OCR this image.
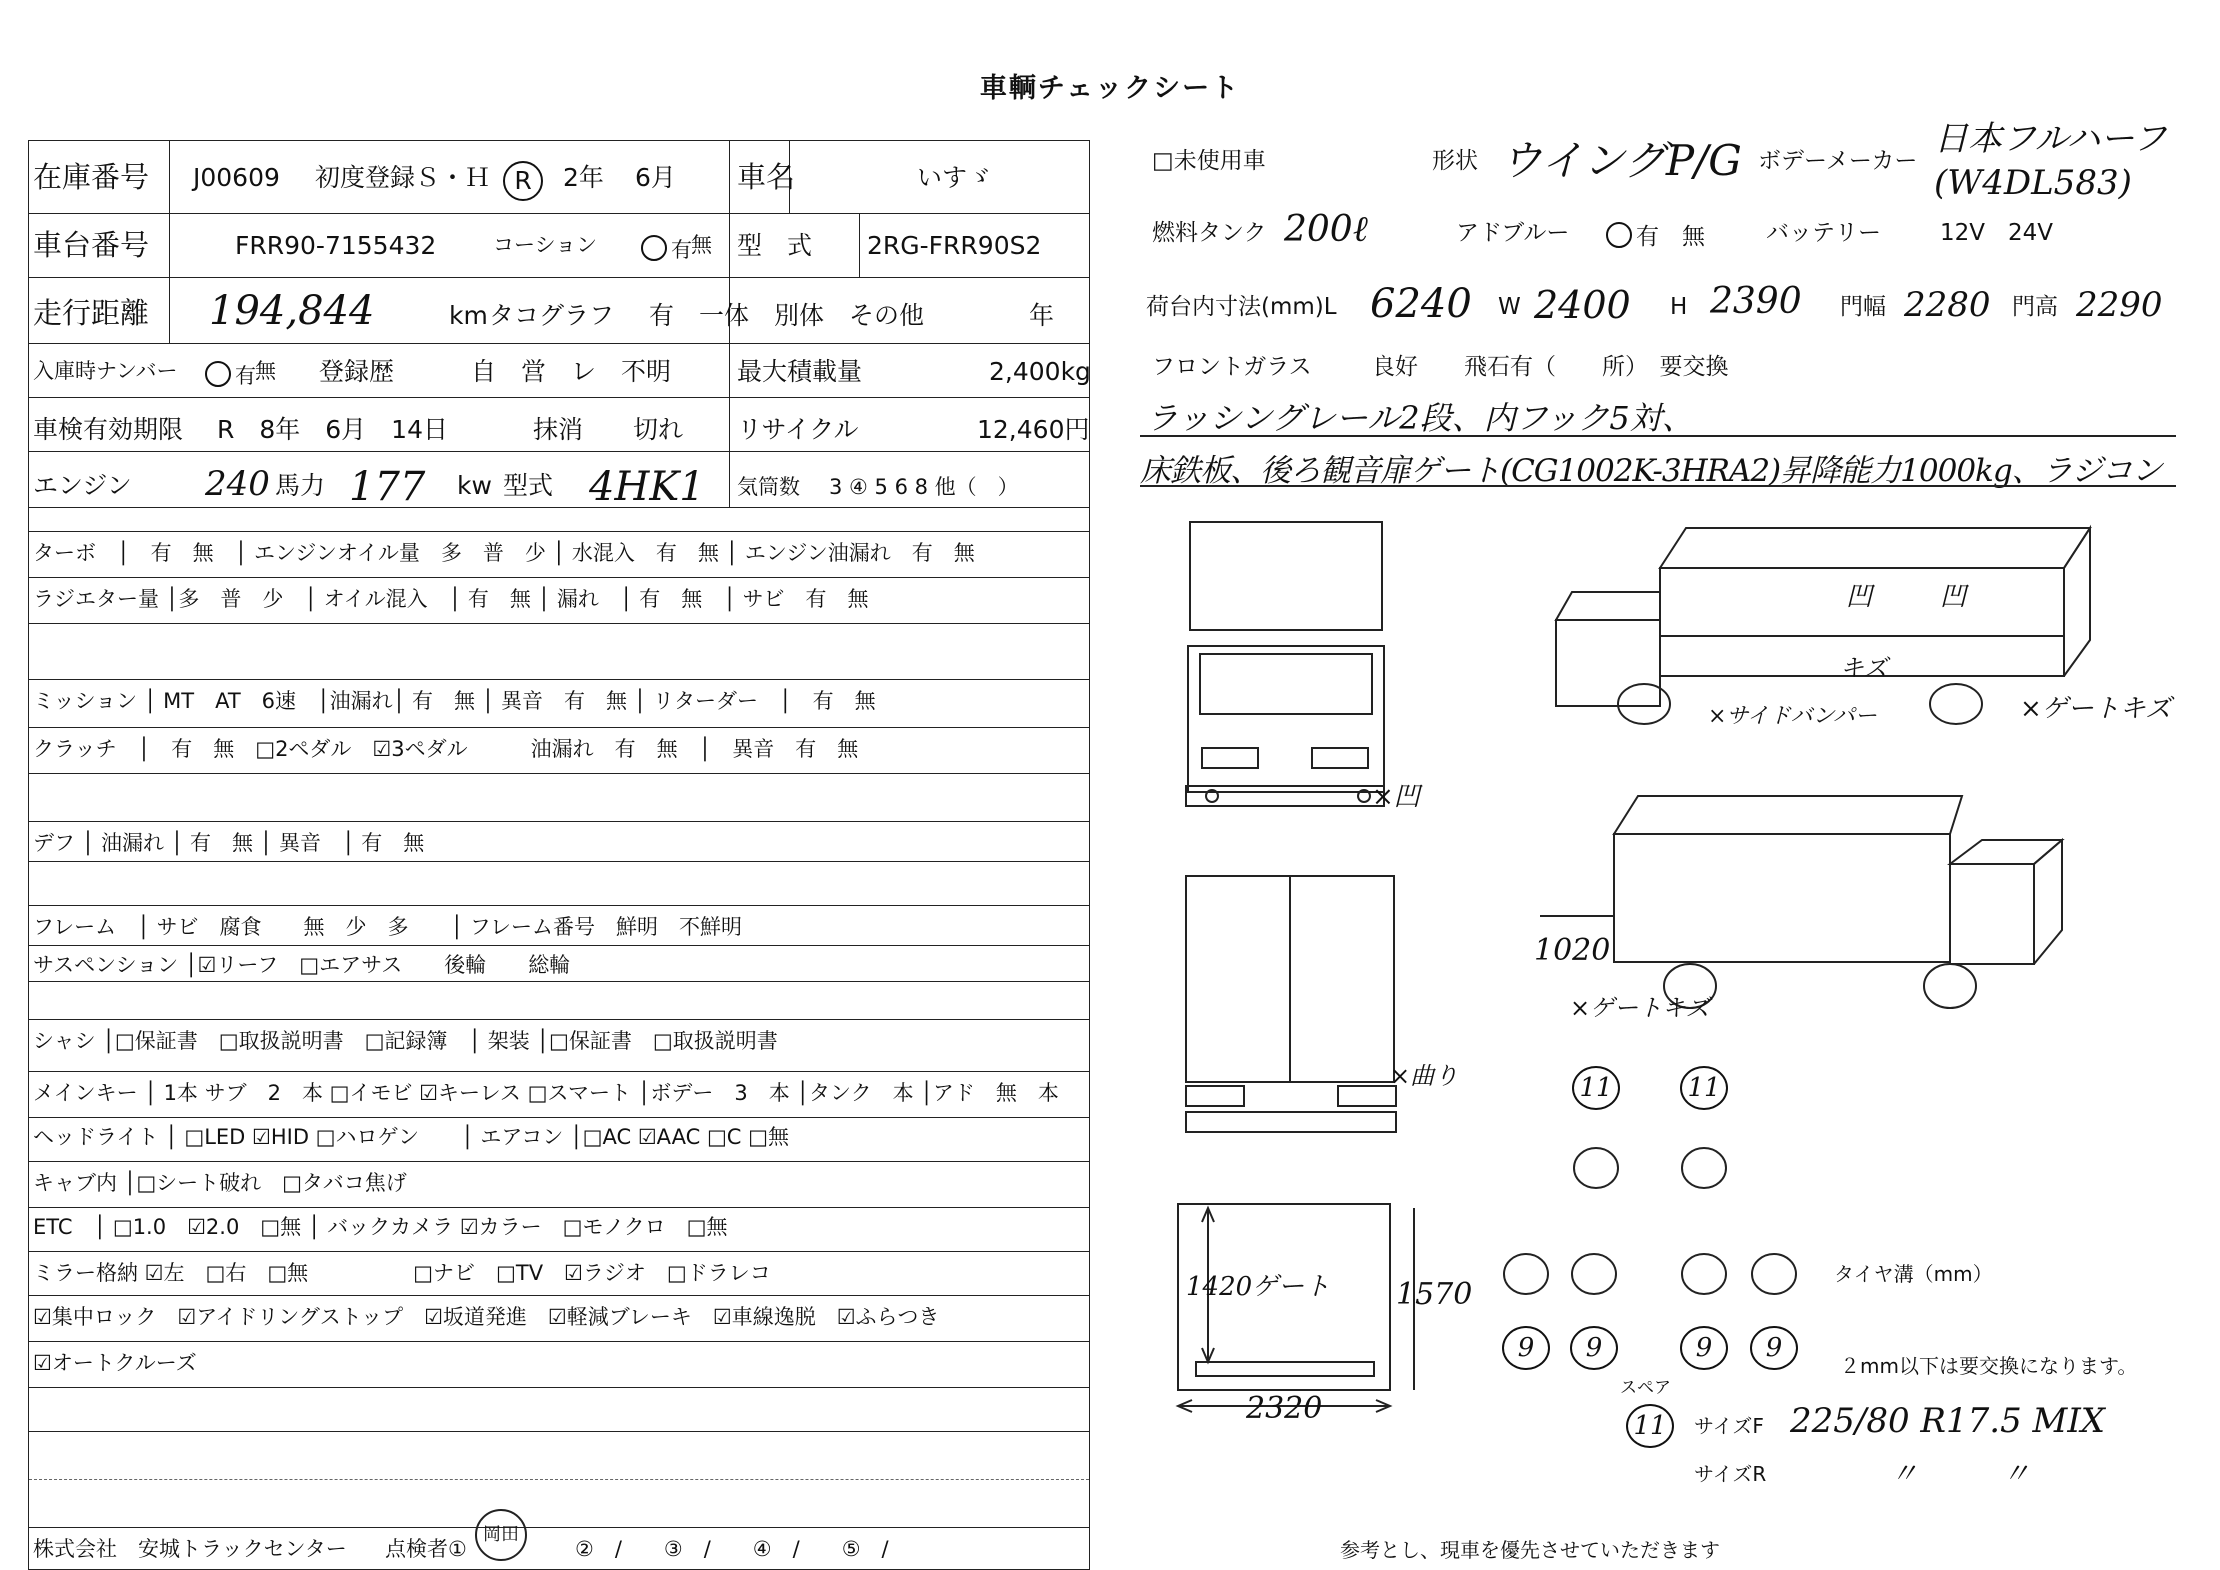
車輌チェックシート
在庫番号 J00609 初度登録Ｓ・Ｈ R	2年 6月 車名	いすゞ
車台番号	FRR90-7155432	コーション	有 無 型　式 2RG-FRR90S2
走行距離 194,844	km タコグラフ 有　一体　別体　その他	年
入庫時ナンバー	有 無 登録歴	自　営　レ　不明	最大積載量	2,400kg
車検有効期限 R　8年　6月　14日	抹消　　切れ リサイクル	12,460円
エンジン 240 馬力 177 kw 型式 4HK1 気筒数 3 ④ 5 6 8 他（　）
ターボ　│　有　無　│ エンジンオイル量　多　普　少 │ 水混入　有　無 │ エンジン油漏れ　有　無
ラジエター量 │多　普　少　│ オイル混入　│ 有　無 │ 漏れ　│ 有　無　│ サビ　有　無
ミッション │ MT　AT　6速　│油漏れ│ 有　無 │ 異音　有　無 │ リターダー　│　有　無
クラッチ　│　有　無　□2ペダル　☑3ペダル　　　油漏れ　有　無　│　異音　有　無
デフ │ 油漏れ │ 有　無 │ 異音　│ 有　無
フレーム　│ サビ　腐食　　無　少　多　　│ フレーム番号　鮮明　不鮮明
サスペンション │☑リーフ　□エアサス　　後輪　　総輪
シャシ │□保証書　□取扱説明書　□記録簿　│ 架装 │□保証書　□取扱説明書
メインキー │ 1本 サブ　2　本 □イモビ ☑キーレス □スマート │ボデー　3　本 │タンク　本 │アド　無　本
ヘッドライト │ □LED ☑HID □ハロゲン　　│ エアコン │□AC ☑AAC □C □無
キャブ内 │□シート破れ　□タバコ焦げ
ETC　│ □1.0　☑2.0　□無 │ バックカメラ ☑カラー　□モノクロ　□無
ミラー格納 ☑左　□右　□無　　　　　□ナビ　□TV　☑ラジオ　□ドラレコ
☑集中ロック　☑アイドリングストップ　☑坂道発進　☑軽減ブレーキ　☑車線逸脱　☑ふらつき
☑オートクルーズ
株式会社　安城トラックセンター 点検者①
岡田
②　/　　③　/　　④　/　　⑤　/
□未使用車	形状 ウイングP/G ボデーメーカー
日本フルハーフ
(W4DL583)
燃料タンク 200ℓ	アドブルー	有　無	バッテリー	12V　24V
荷台内寸法(mm)L 6240 W 2400 H 2390 門幅 2280 門高 2290
フロントガラス	良好　　飛石有（　　所）　要交換
ラッシングレール2段、内フック5対、
床鉄板、後ろ観音扉ゲート(CG1002K-3HRA2)昇降能力1000kg、ラジコン
凹	凹
キズ
×ゲートキズ
×サイドバンパー
×凹
1020
×ゲートキズ
×曲り
1420ゲート 1570
2320
11	11
9	9	9	9
タイヤ溝（mm）
２mm以下は要交換になります。
スペア
11	サイズF 225/80 R17.5 MIX
サイズR	〃　　　〃
参考とし、現車を優先させていただきます
